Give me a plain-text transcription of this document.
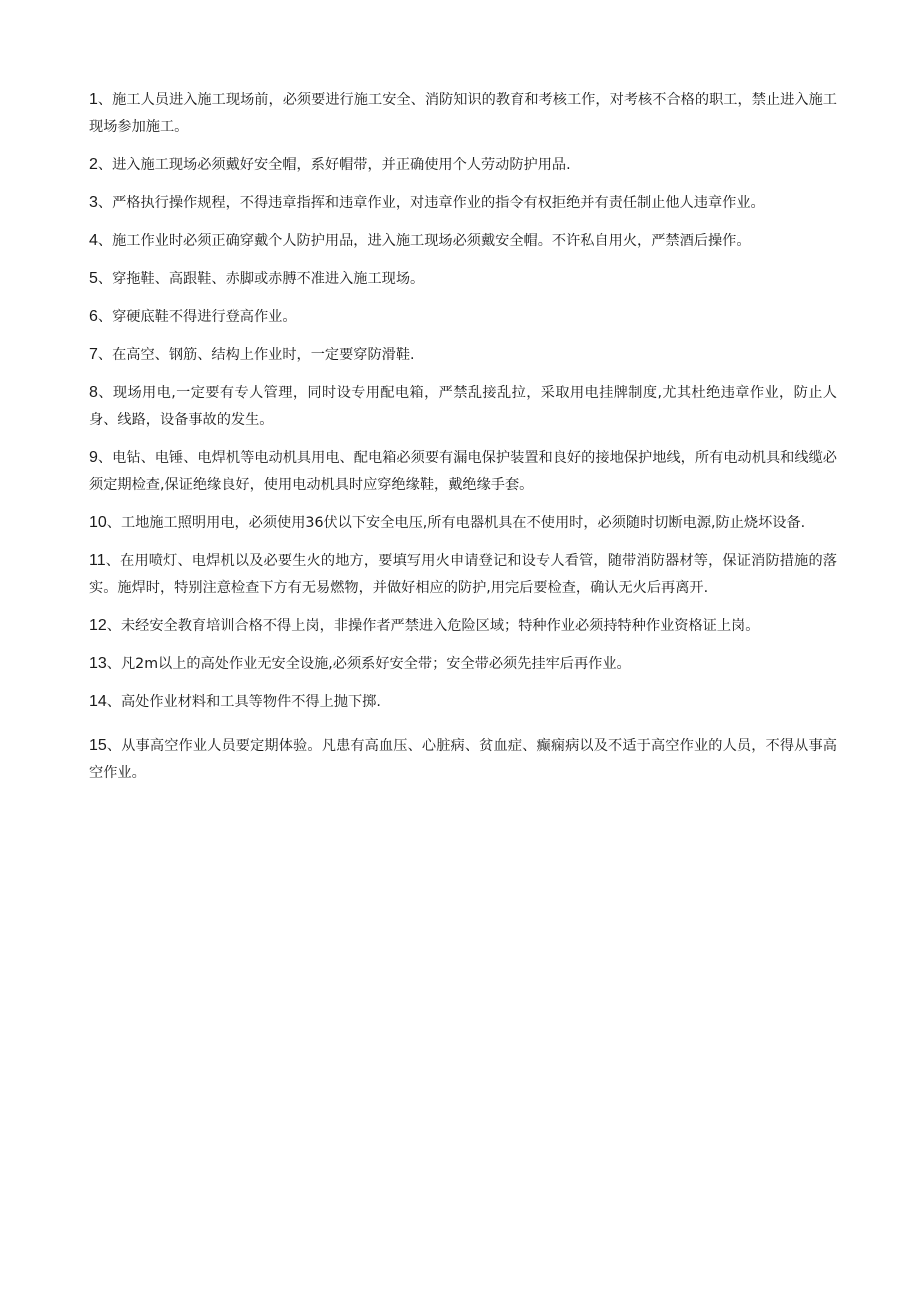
1、施工人员进入施工现场前，必须要进行施工安全、消防知识的教育和考核工作，对考核不合格的职工，禁止进入施工现场参加施工。
2、进入施工现场必须戴好安全帽，系好帽带，并正确使用个人劳动防护用品.
3、严格执行操作规程，不得违章指挥和违章作业，对违章作业的指令有权拒绝并有责任制止他人违章作业。
4、施工作业时必须正确穿戴个人防护用品，进入施工现场必须戴安全帽。不许私自用火，严禁酒后操作。
5、穿拖鞋、高跟鞋、赤脚或赤膊不准进入施工现场。
6、穿硬底鞋不得进行登高作业。
7、在高空、钢筋、结构上作业时，一定要穿防滑鞋.
8、现场用电,一定要有专人管理，同时设专用配电箱，严禁乱接乱拉，采取用电挂牌制度,尤其杜绝违章作业，防止人身、线路，设备事故的发生。
9、电钻、电锤、电焊机等电动机具用电、配电箱必须要有漏电保护装置和良好的接地保护地线，所有电动机具和线缆必须定期检查,保证绝缘良好，使用电动机具时应穿绝缘鞋，戴绝缘手套。
10、工地施工照明用电，必须使用36伏以下安全电压,所有电器机具在不使用时，必须随时切断电源,防止烧坏设备.
11、在用喷灯、电焊机以及必要生火的地方，要填写用火申请登记和设专人看管，随带消防器材等，保证消防措施的落实。施焊时，特别注意检查下方有无易燃物，并做好相应的防护,用完后要检查，确认无火后再离开.
12、未经安全教育培训合格不得上岗，非操作者严禁进入危险区域；特种作业必须持特种作业资格证上岗。
13、凡2m以上的高处作业无安全设施,必须系好安全带；安全带必须先挂牢后再作业。
14、高处作业材料和工具等物件不得上抛下掷.
15、从事高空作业人员要定期体验。凡患有高血压、心脏病、贫血症、癫痫病以及不适于高空作业的人员，不得从事高空作业。
